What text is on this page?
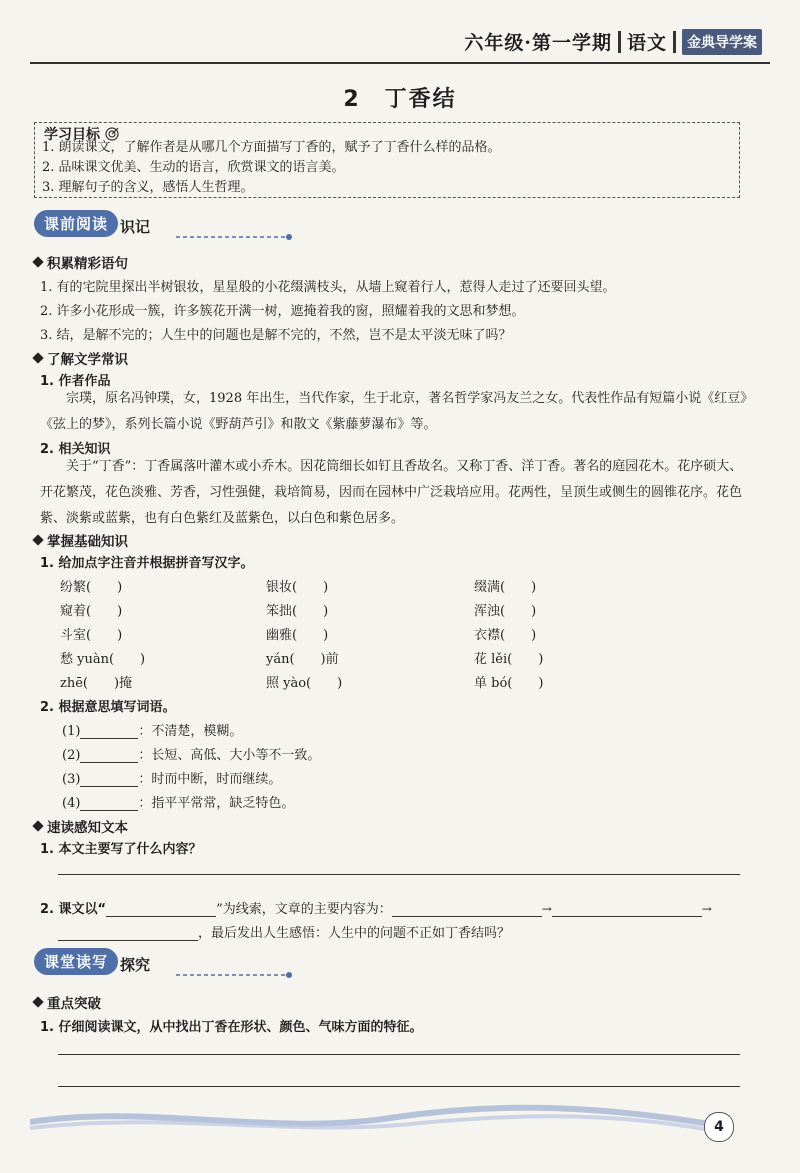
六年级·第一学期 语文	金典导学案
2　丁香结
学习目标
1. 朗读课文，了解作者是从哪几个方面描写丁香的，赋予了丁香什么样的品格。
2. 品味课文优美、生动的语言，欣赏课文的语言美。
3. 理解句子的含义，感悟人生哲理。
课前阅读 识记
积累精彩语句
1. 有的宅院里探出半树银妆，星星般的小花缀满枝头，从墙上窥着行人，惹得人走过了还要回头望。
2. 许多小花形成一簇，许多簇花开满一树，遮掩着我的窗，照耀着我的文思和梦想。
3. 结，是解不完的；人生中的问题也是解不完的，不然，岂不是太平淡无味了吗？
了解文学常识
1. 作者作品
宗璞，原名冯钟璞，女，1928 年出生，当代作家，生于北京，著名哲学家冯友兰之女。代表性作品有短篇小说《红豆》《弦上的梦》，系列长篇小说《野葫芦引》和散文《紫藤萝瀑布》等。
2. 相关知识
关于“丁香”：丁香属落叶灌木或小乔木。因花筒细长如钉且香故名。又称丁香、洋丁香。著名的庭园花木。花序硕大、开花繁茂，花色淡雅、芳香，习性强健，栽培简易，因而在园林中广泛栽培应用。花两性，呈顶生或侧生的圆锥花序。花色紫、淡紫或蓝紫，也有白色紫红及蓝紫色，以白色和紫色居多。
掌握基础知识
1. 给加点字注音并根据拼音写汉字。
纷繁(　　)	银妆(　　)	缀满(　　)
窥着(　　)	笨拙(　　)	浑浊(　　)
斗室(　　)	幽雅(　　)	衣襟(　　)
愁 yuàn(　　)	yán(　　)前	花 lěi(　　)
zhē(　　)掩	照 yào(　　)	单 bó(　　)
2. 根据意思填写词语。
(1)	：不清楚，模糊。
(2)	：长短、高低、大小等不一致。
(3)	：时而中断，时而继续。
(4)	：指平平常常，缺乏特色。
速读感知文本
1. 本文主要写了什么内容？
2. 课文以“	”为线索，文章的主要内容为：	→	→
，最后发出人生感悟：人生中的问题不正如丁香结吗？
课堂读写 探究
重点突破
1. 仔细阅读课文，从中找出丁香在形状、颜色、气味方面的特征。
4
